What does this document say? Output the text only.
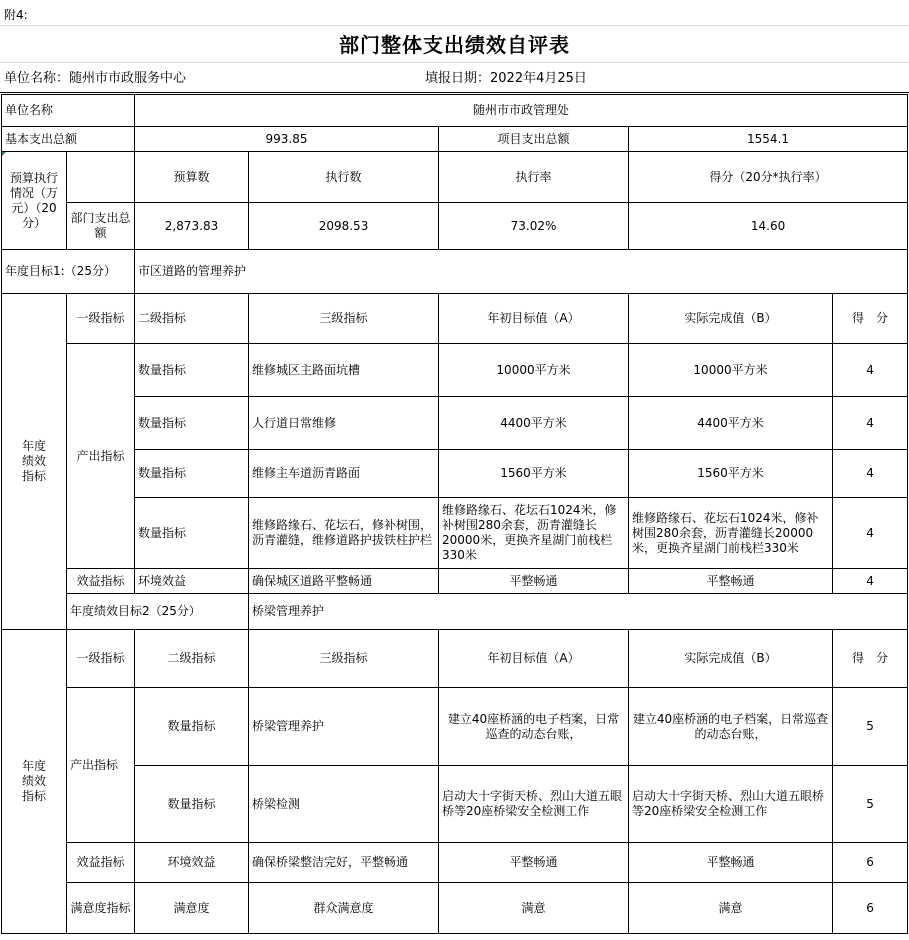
附4:
部门整体支出绩效自评表
单位名称：随州市市政服务中心	填报日期：2022年4月25日
单位名称		随州市市政管理处				
基本支出总额		993.85		项目支出总额	1554.1	

预算执行情况（万元）（20分）		预算数	执行数	执行率	得分（20分*执行率）	
	部门支出总额	2,873.83	2098.53	73.02%	14.60	
年度目标1:（25分）		市区道路的管理养护				
年度
绩效
指标	一级指标	二级指标	三级指标	年初目标值（A）	实际完成值（B）	得　分
	产出指标	数量指标	维修城区主路面坑槽	10000平方米	10000平方米	4
		数量指标	人行道日常维修	4400平方米	4400平方米	4
		数量指标	维修主车道沥青路面	1560平方米	1560平方米	4
		数量指标	维修路缘石、花坛石，修补树围，沥青灌缝，维修道路护拔铁柱护栏	维修路缘石、花坛石1024米，修补树围280余套，沥青灌缝长20000米，更换齐星湖门前栈栏330米	维修路缘石、花坛石1024米，修补树围280余套，沥青灌缝长20000米，更换齐星湖门前栈栏330米	4
	效益指标	环境效益	确保城区道路平整畅通	平整畅通	平整畅通	4
	年度绩效目标2（25分）		桥梁管理养护			
年度
绩效
指标	一级指标	二级指标	三级指标	年初目标值（A）	实际完成值（B）	得　分
	产出指标	数量指标	桥梁管理养护	建立40座桥涵的电子档案，日常巡查的动态台账，	建立40座桥涵的电子档案，日常巡查的动态台账，	5
		数量指标	桥梁检测	启动大十字街天桥、烈山大道五眼桥等20座桥梁安全检测工作	启动大十字街天桥、烈山大道五眼桥等20座桥梁安全检测工作	5
	效益指标	环境效益	确保桥梁整洁完好，平整畅通	平整畅通	平整畅通	6
	满意度指标	满意度	群众满意度	满意	满意	6
